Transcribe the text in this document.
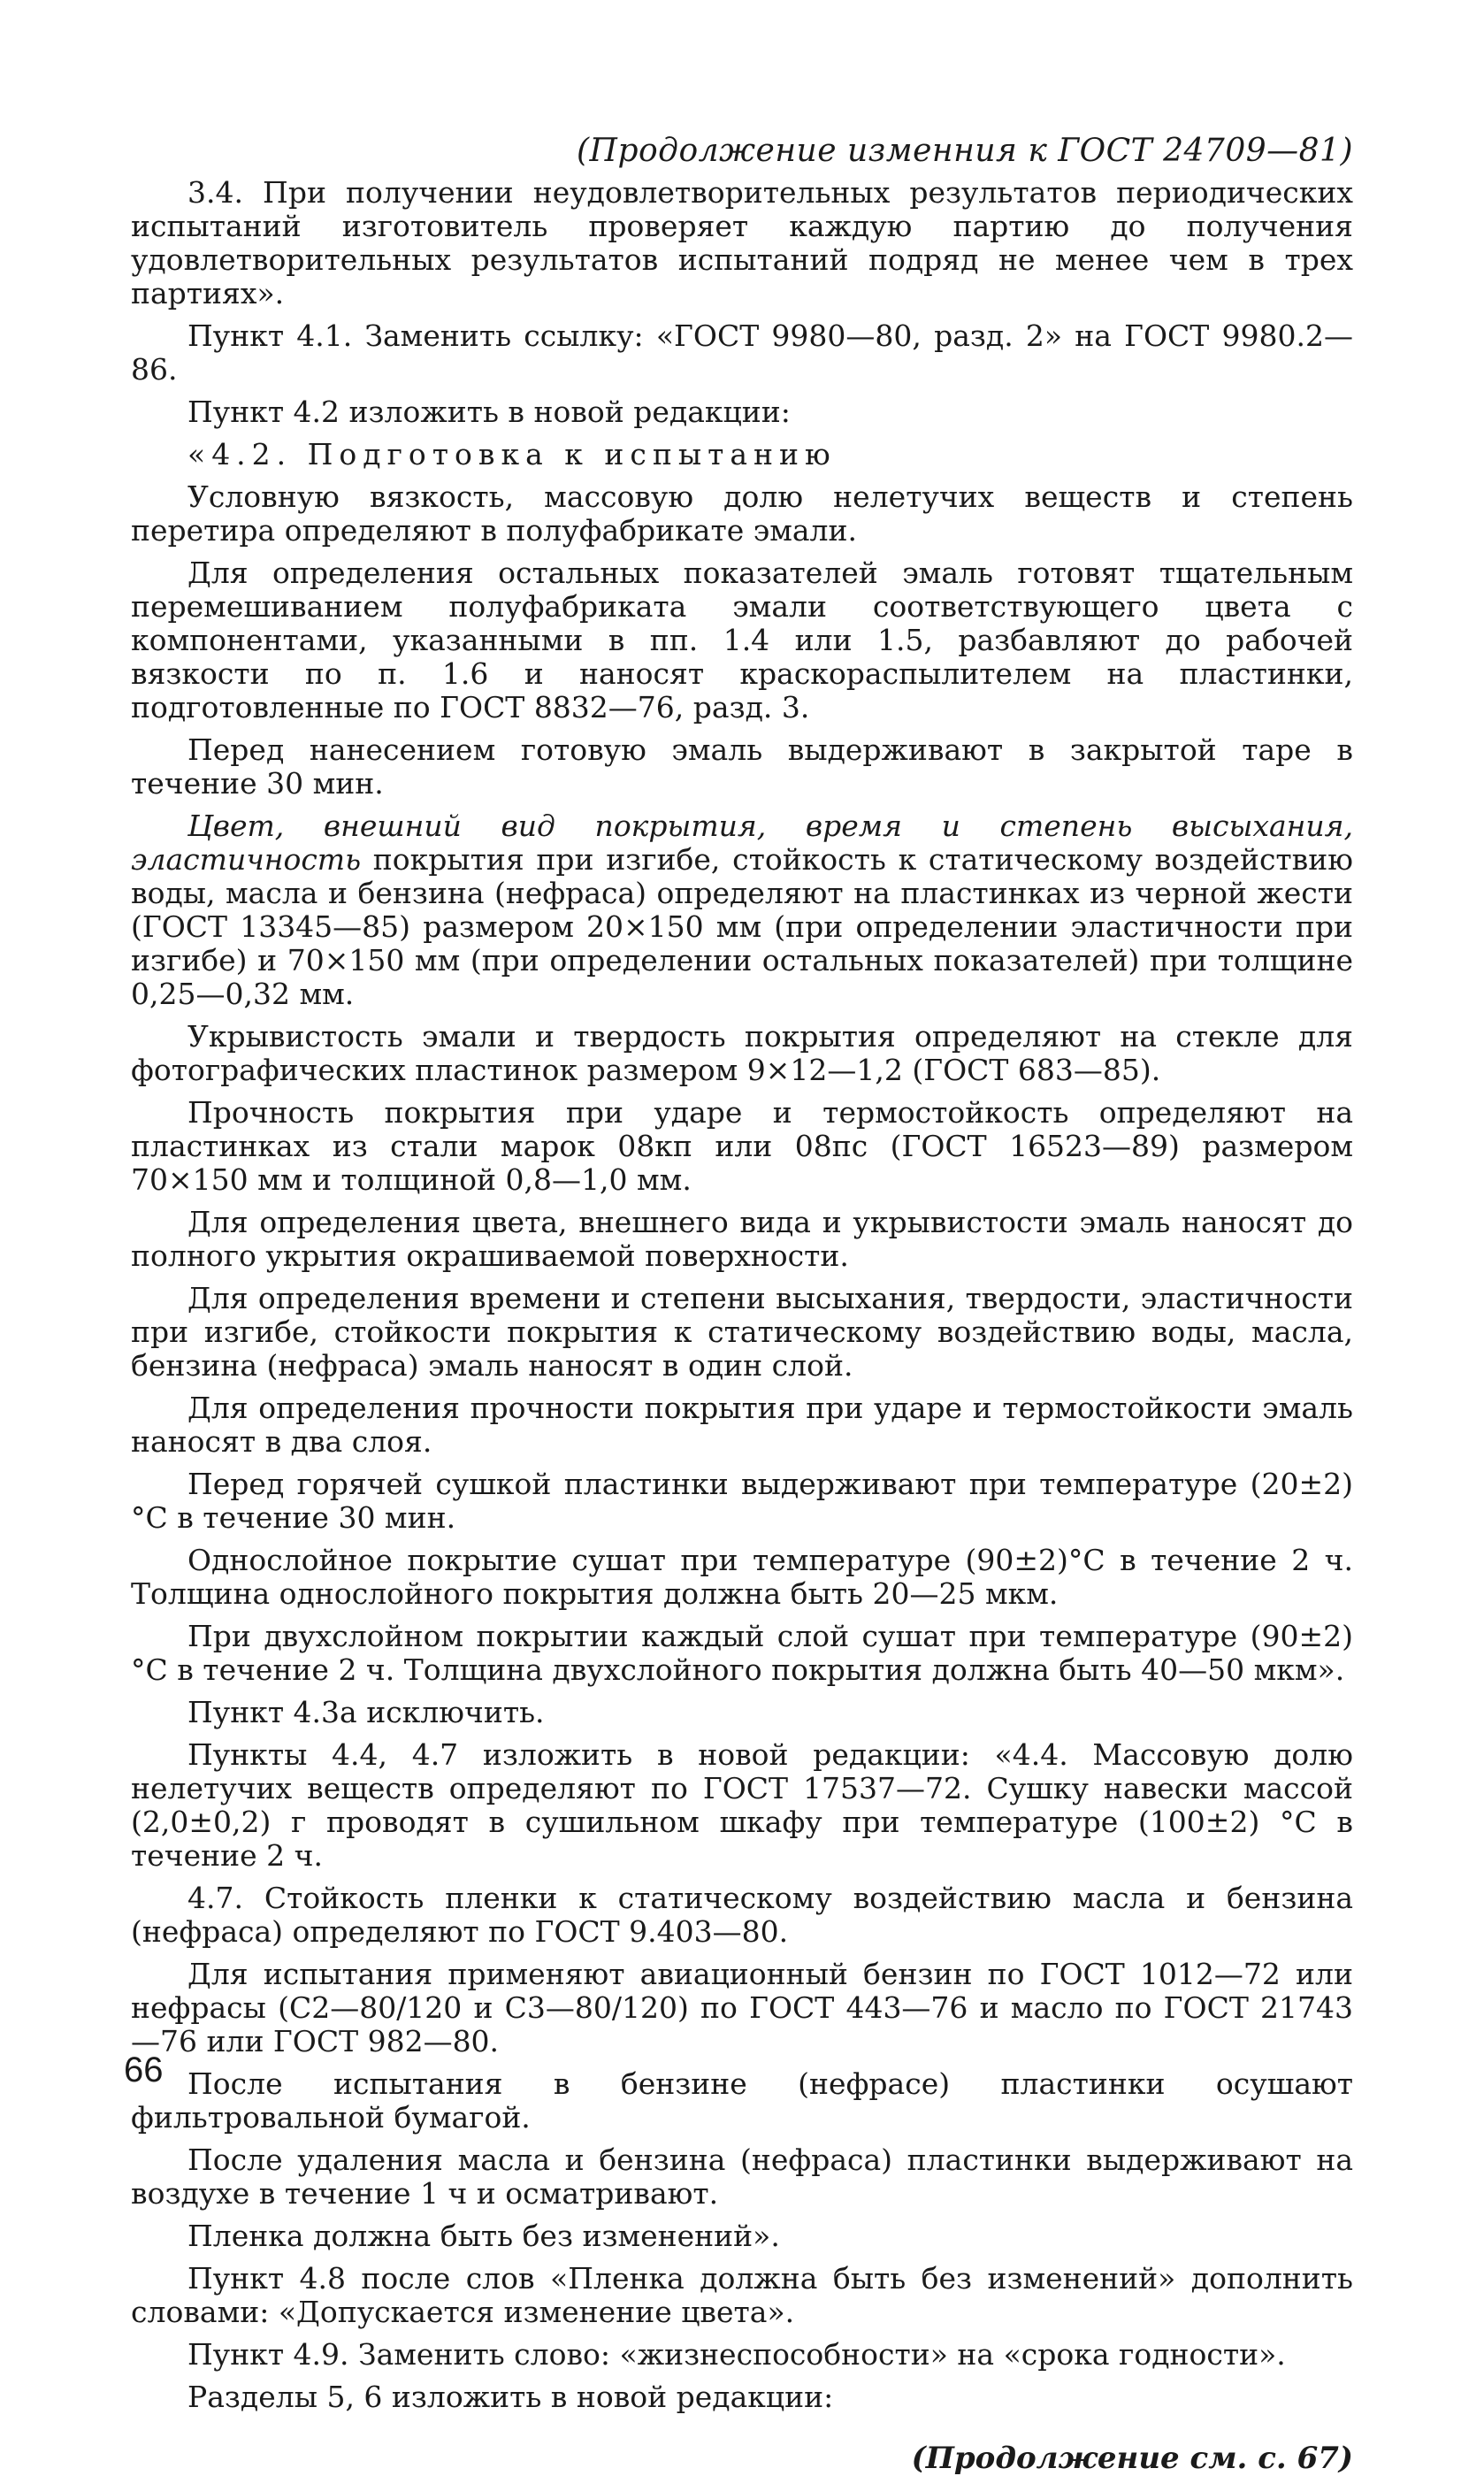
(Продолжение изменния к ГОСТ 24709—81)

3.4. При получении неудовлетворительных результатов периодических испытаний изготовитель проверяет каждую партию до получения удовлетворительных результатов испытаний подряд не менее чем в трех партиях».

Пункт 4.1. Заменить ссылку: «ГОСТ 9980—80, разд. 2» на ГОСТ 9980.2—86.

Пункт 4.2 изложить в новой редакции:

«4.2. Подготовка к испытанию

Условную вязкость, массовую долю нелетучих веществ и степень перетира определяют в полуфабрикате эмали.

Для определения остальных показателей эмаль готовят тщательным перемешиванием полуфабриката эмали соответствующего цвета с компонентами, указанными в пп. 1.4 или 1.5, разбавляют до рабочей вязкости по п. 1.6 и наносят краскораспылителем на пластинки, подготовленные по ГОСТ 8832—76, разд. 3.

Перед нанесением готовую эмаль выдерживают в закрытой таре в течение 30 мин.

Цвет, внешний вид покрытия, время и степень высыхания, эластичность покрытия при изгибе, стойкость к статическому воздействию воды, масла и бензина (нефраса) определяют на пластинках из черной жести (ГОСТ 13345—85) размером 20×150 мм (при определении эластичности при изгибе) и 70×150 мм (при определении остальных показателей) при толщине 0,25—0,32 мм.

Укрывистость эмали и твердость покрытия определяют на стекле для фотографических пластинок размером 9×12—1,2 (ГОСТ 683—85).

Прочность покрытия при ударе и термостойкость определяют на пластинках из стали марок 08кп или 08пс (ГОСТ 16523—89) размером 70×150 мм и толщиной 0,8—1,0 мм.

Для определения цвета, внешнего вида и укрывистости эмаль наносят до полного укрытия окрашиваемой поверхности.

Для определения времени и степени высыхания, твердости, эластичности при изгибе, стойкости покрытия к статическому воздействию воды, масла, бензина (нефраса) эмаль наносят в один слой.

Для определения прочности покрытия при ударе и термостойкости эмаль наносят в два слоя.

Перед горячей сушкой пластинки выдерживают при температуре (20±2) °С в течение 30 мин.

Однослойное покрытие сушат при температуре (90±2)°С в течение 2 ч. Толщина однослойного покрытия должна быть 20—25 мкм.

При двухслойном покрытии каждый слой сушат при температуре (90±2) °С в течение 2 ч. Толщина двухслойного покрытия должна быть 40—50 мкм».

Пункт 4.3а исключить.

Пункты 4.4, 4.7 изложить в новой редакции: «4.4. Массовую долю нелетучих веществ определяют по ГОСТ 17537—72. Сушку навески массой (2,0±0,2) г проводят в сушильном шкафу при температуре (100±2) °С в течение 2 ч.

4.7. Стойкость пленки к статическому воздействию масла и бензина (нефраса) определяют по ГОСТ 9.403—80.

Для испытания применяют авиационный бензин по ГОСТ 1012—72 или нефрасы (С2—80/120 и С3—80/120) по ГОСТ 443—76 и масло по ГОСТ 21743—76 или ГОСТ 982—80.

После испытания в бензине (нефрасе) пластинки осушают фильтровальной бумагой.

После удаления масла и бензина (нефраса) пластинки выдерживают на воздухе в течение 1 ч и осматривают.

Пленка должна быть без изменений».

Пункт 4.8 после слов «Пленка должна быть без изменений» дополнить словами: «Допускается изменение цвета».

Пункт 4.9. Заменить слово: «жизнеспособности» на «срока годности».

Разделы 5, 6 изложить в новой редакции:

(Продолжение см. с. 67)
66
